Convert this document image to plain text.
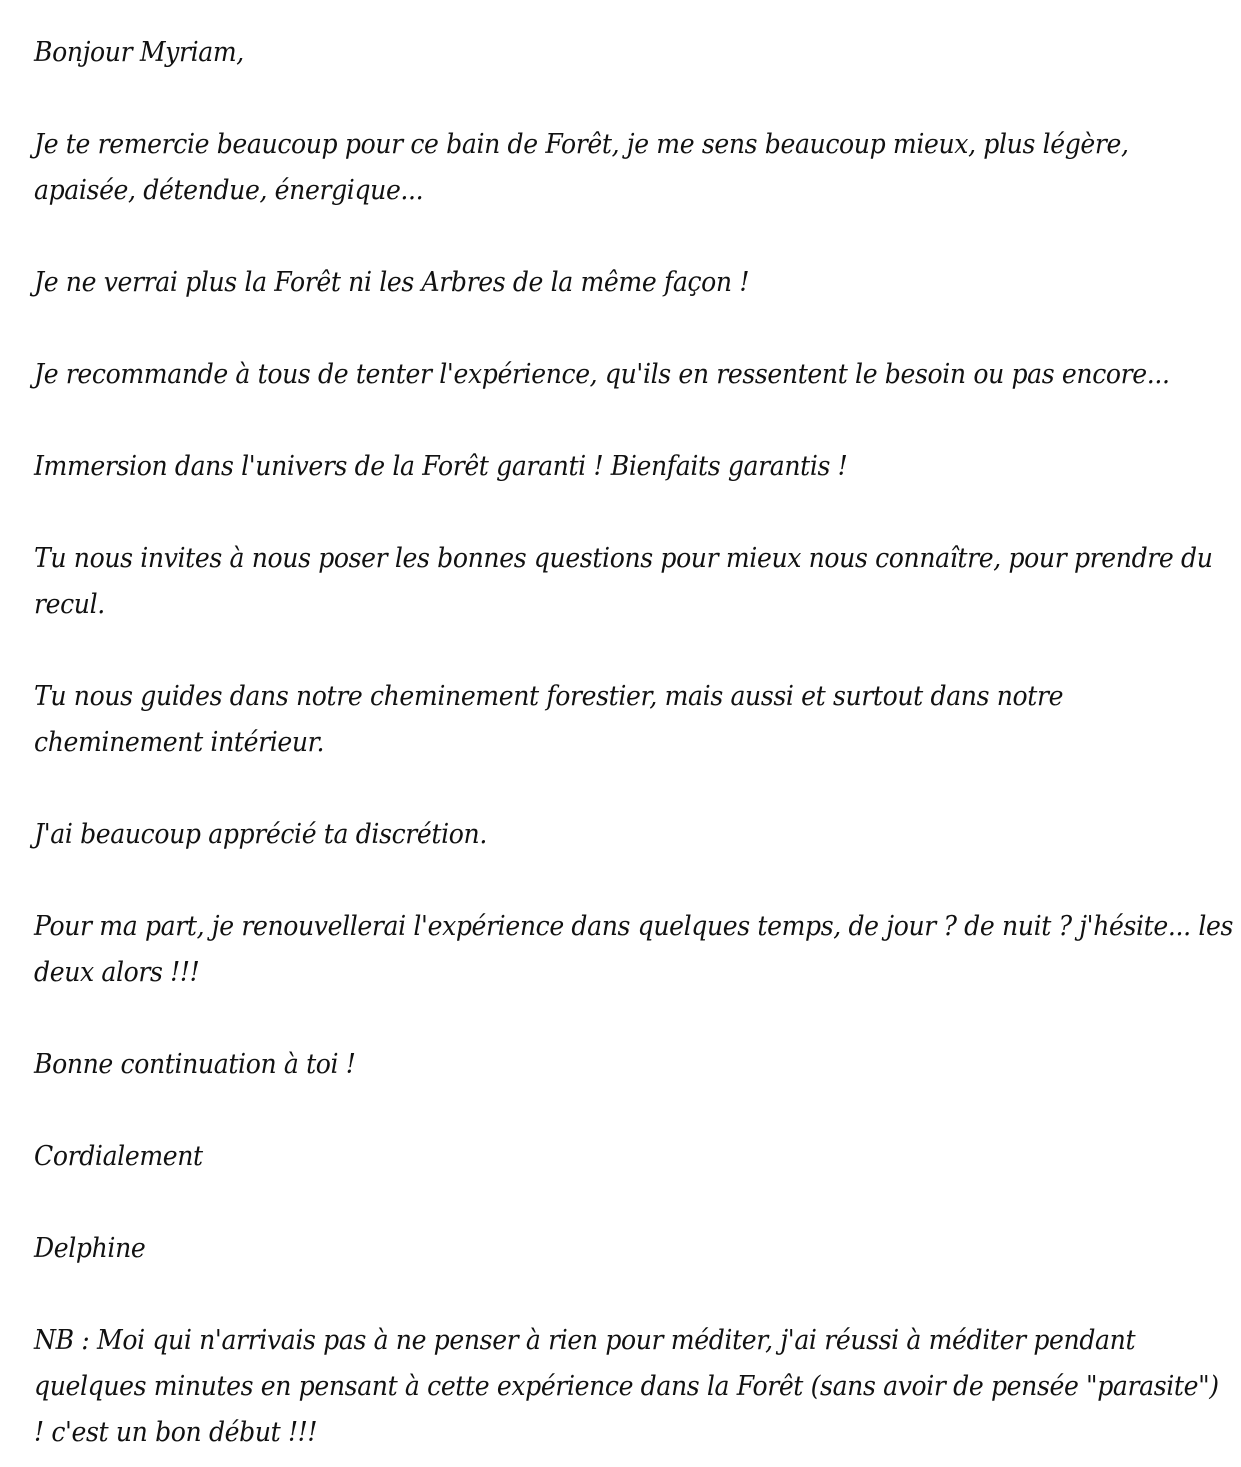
Bonjour Myriam,

Je te remercie beaucoup pour ce bain de Forêt, je me sens beaucoup mieux, plus légère, apaisée, détendue, énergique...

Je ne verrai plus la Forêt ni les Arbres de la même façon !

Je recommande à tous de tenter l'expérience, qu'ils en ressentent le besoin ou pas encore...

Immersion dans l'univers de la Forêt garanti ! Bienfaits garantis !

Tu nous invites à nous poser les bonnes questions pour mieux nous connaître, pour prendre du recul.

Tu nous guides dans notre cheminement forestier, mais aussi et surtout dans notre cheminement intérieur.

J'ai beaucoup apprécié ta discrétion.

Pour ma part, je renouvellerai l'expérience dans quelques temps, de jour ? de nuit ? j'hésite... les deux alors !!!

Bonne continuation à toi !

Cordialement

Delphine

NB : Moi qui n'arrivais pas à ne penser à rien pour méditer, j'ai réussi à méditer pendant quelques minutes en pensant à cette expérience dans la Forêt (sans avoir de pensée "parasite") ! c'est un bon début !!!
